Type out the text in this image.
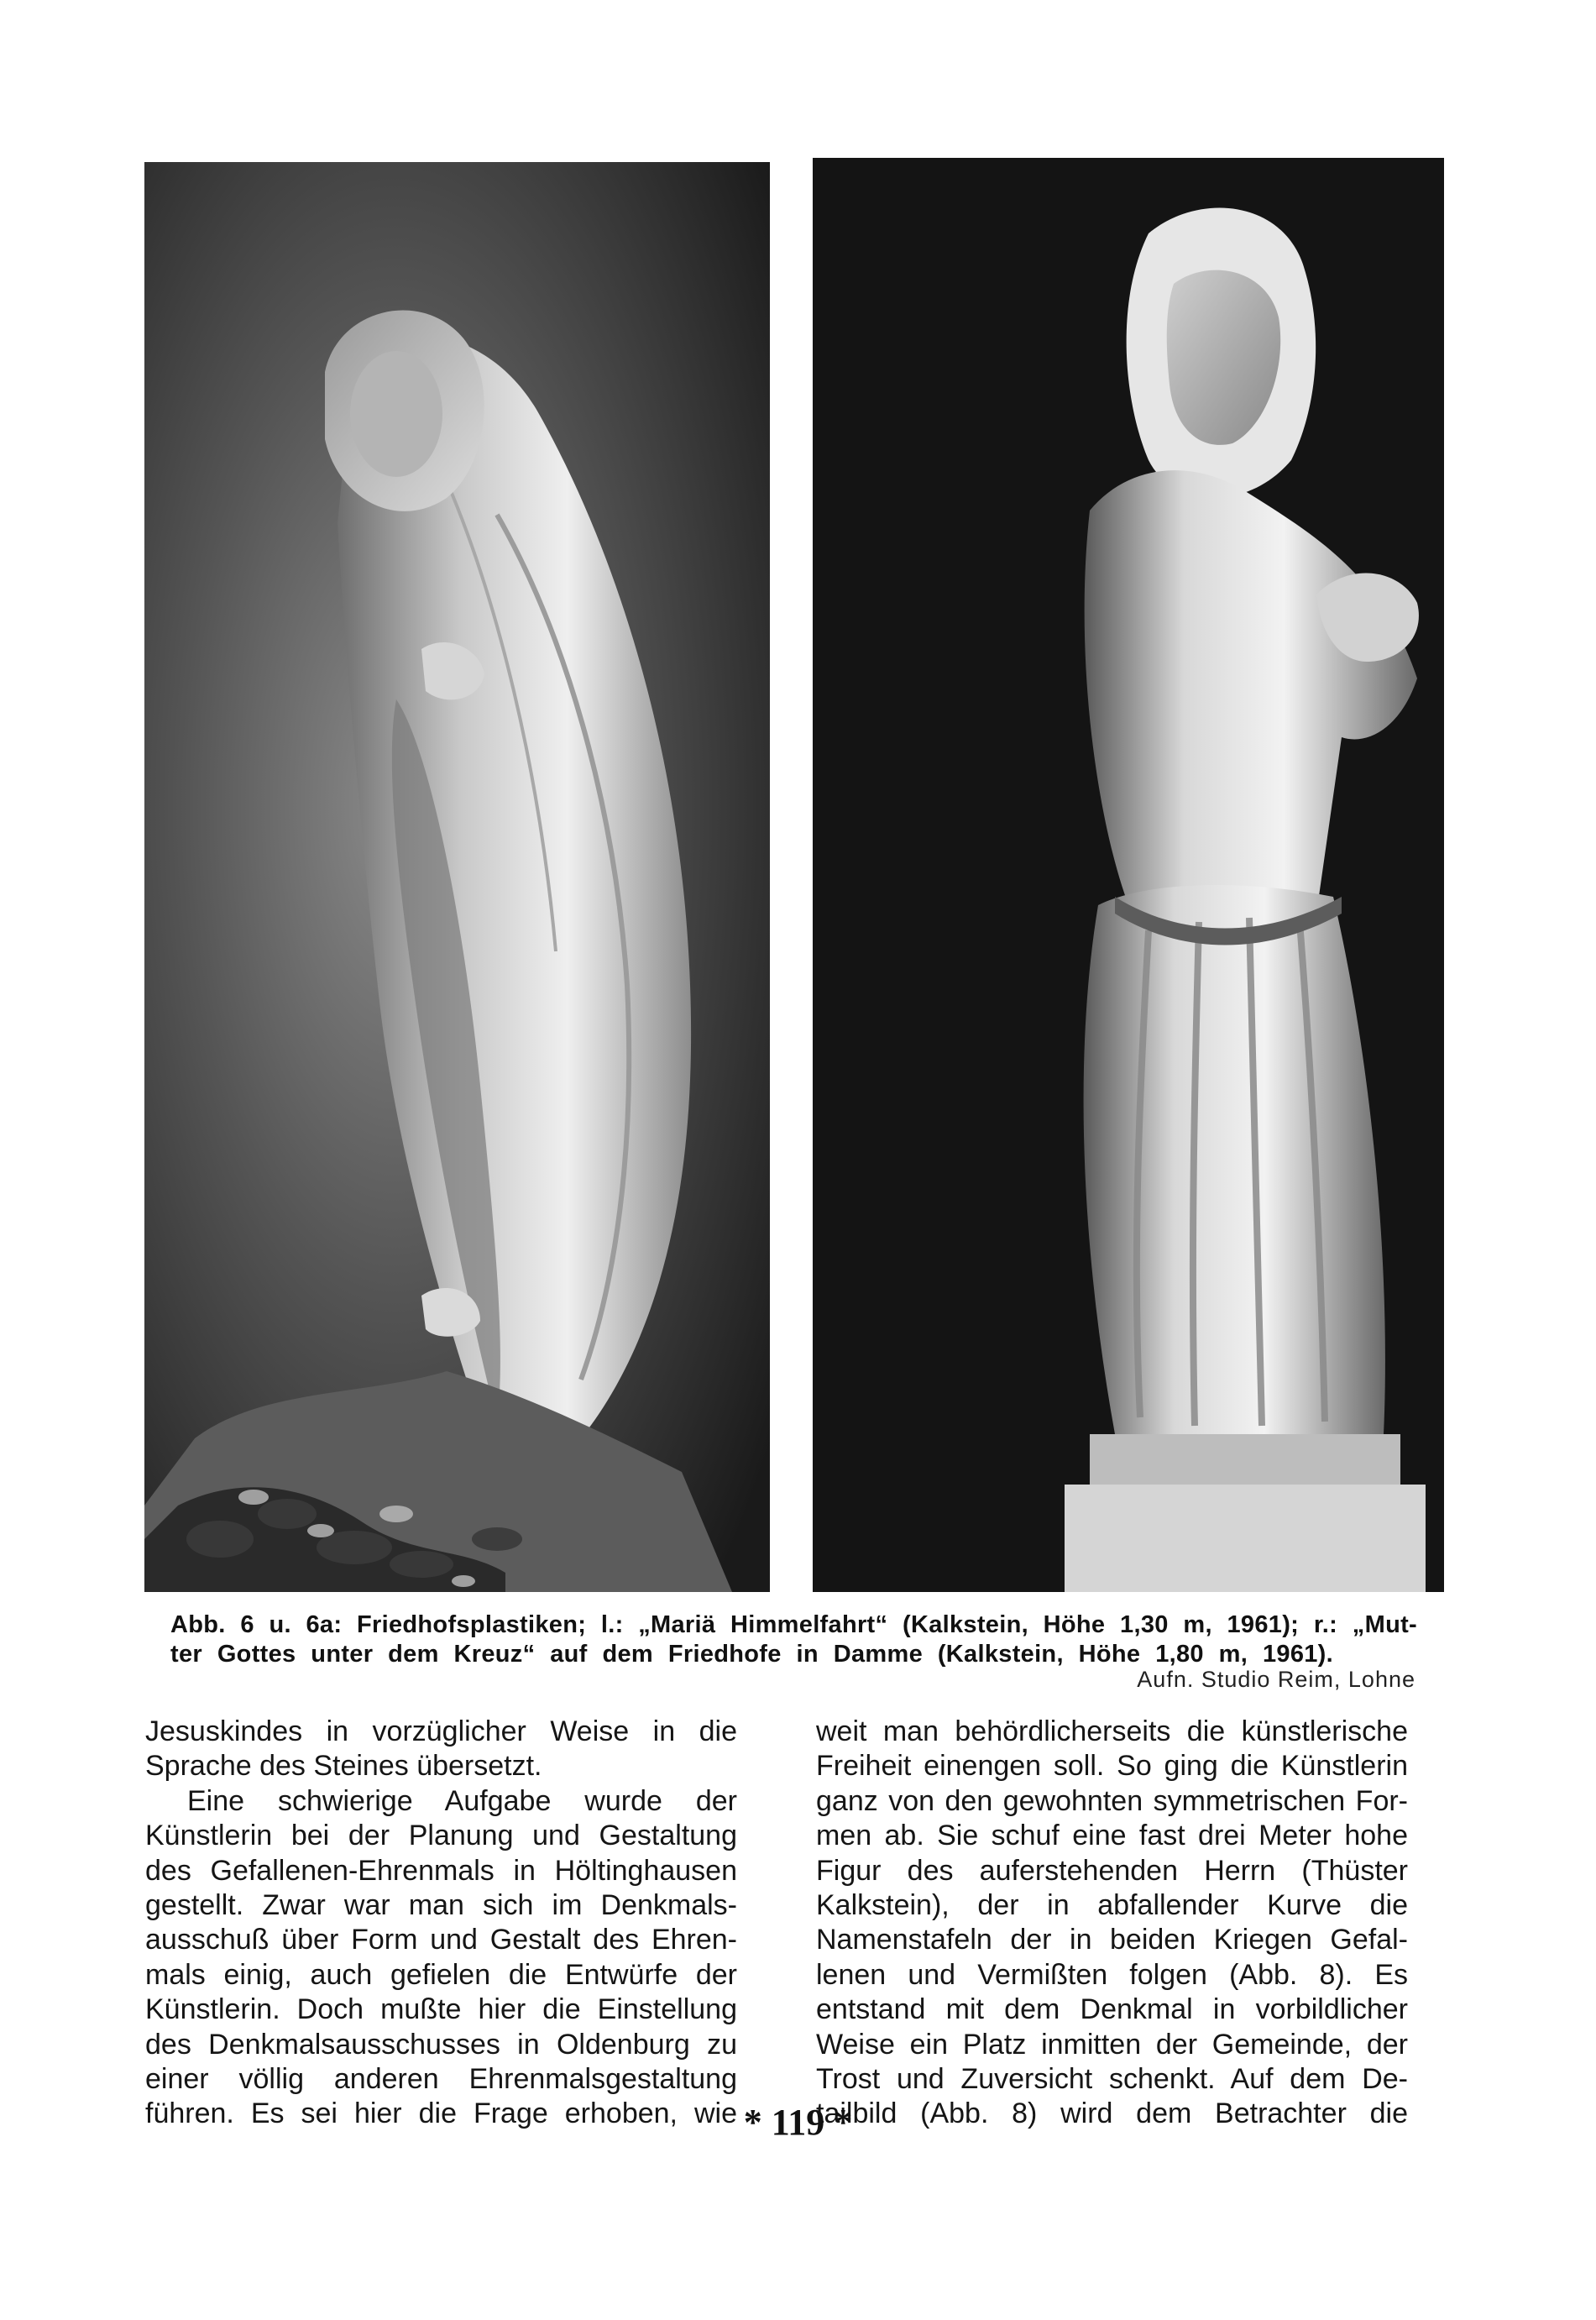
Abb. 6 u. 6a: Friedhofsplastiken; l.: „Mariä Himmelfahrt“ (Kalkstein, Höhe 1,30 m, 1961); r.: „Mut-
ter Gottes unter dem Kreuz“ auf dem Friedhofe in Damme (Kalkstein, Höhe 1,80 m, 1961).
Aufn. Studio Reim, Lohne
Jesuskindes in vorzüglicher Weise in die
Sprache des Steines übersetzt.
Eine schwierige Aufgabe wurde der
Künstlerin bei der Planung und Gestaltung
des Gefallenen-Ehrenmals in Höltinghausen
gestellt. Zwar war man sich im Denkmals-
ausschuß über Form und Gestalt des Ehren-
mals einig, auch gefielen die Entwürfe der
Künstlerin. Doch mußte hier die Einstellung
des Denkmalsausschusses in Oldenburg zu
einer völlig anderen Ehrenmalsgestaltung
führen. Es sei hier die Frage erhoben, wie
weit man behördlicherseits die künstlerische
Freiheit einengen soll. So ging die Künstlerin
ganz von den gewohnten symmetrischen For-
men ab. Sie schuf eine fast drei Meter hohe
Figur des auferstehenden Herrn (Thüster
Kalkstein), der in abfallender Kurve die
Namenstafeln der in beiden Kriegen Gefal-
lenen und Vermißten folgen (Abb. 8). Es
entstand mit dem Denkmal in vorbildlicher
Weise ein Platz inmitten der Gemeinde, der
Trost und Zuversicht schenkt. Auf dem De-
tailbild (Abb. 8) wird dem Betrachter die
* 119 *
